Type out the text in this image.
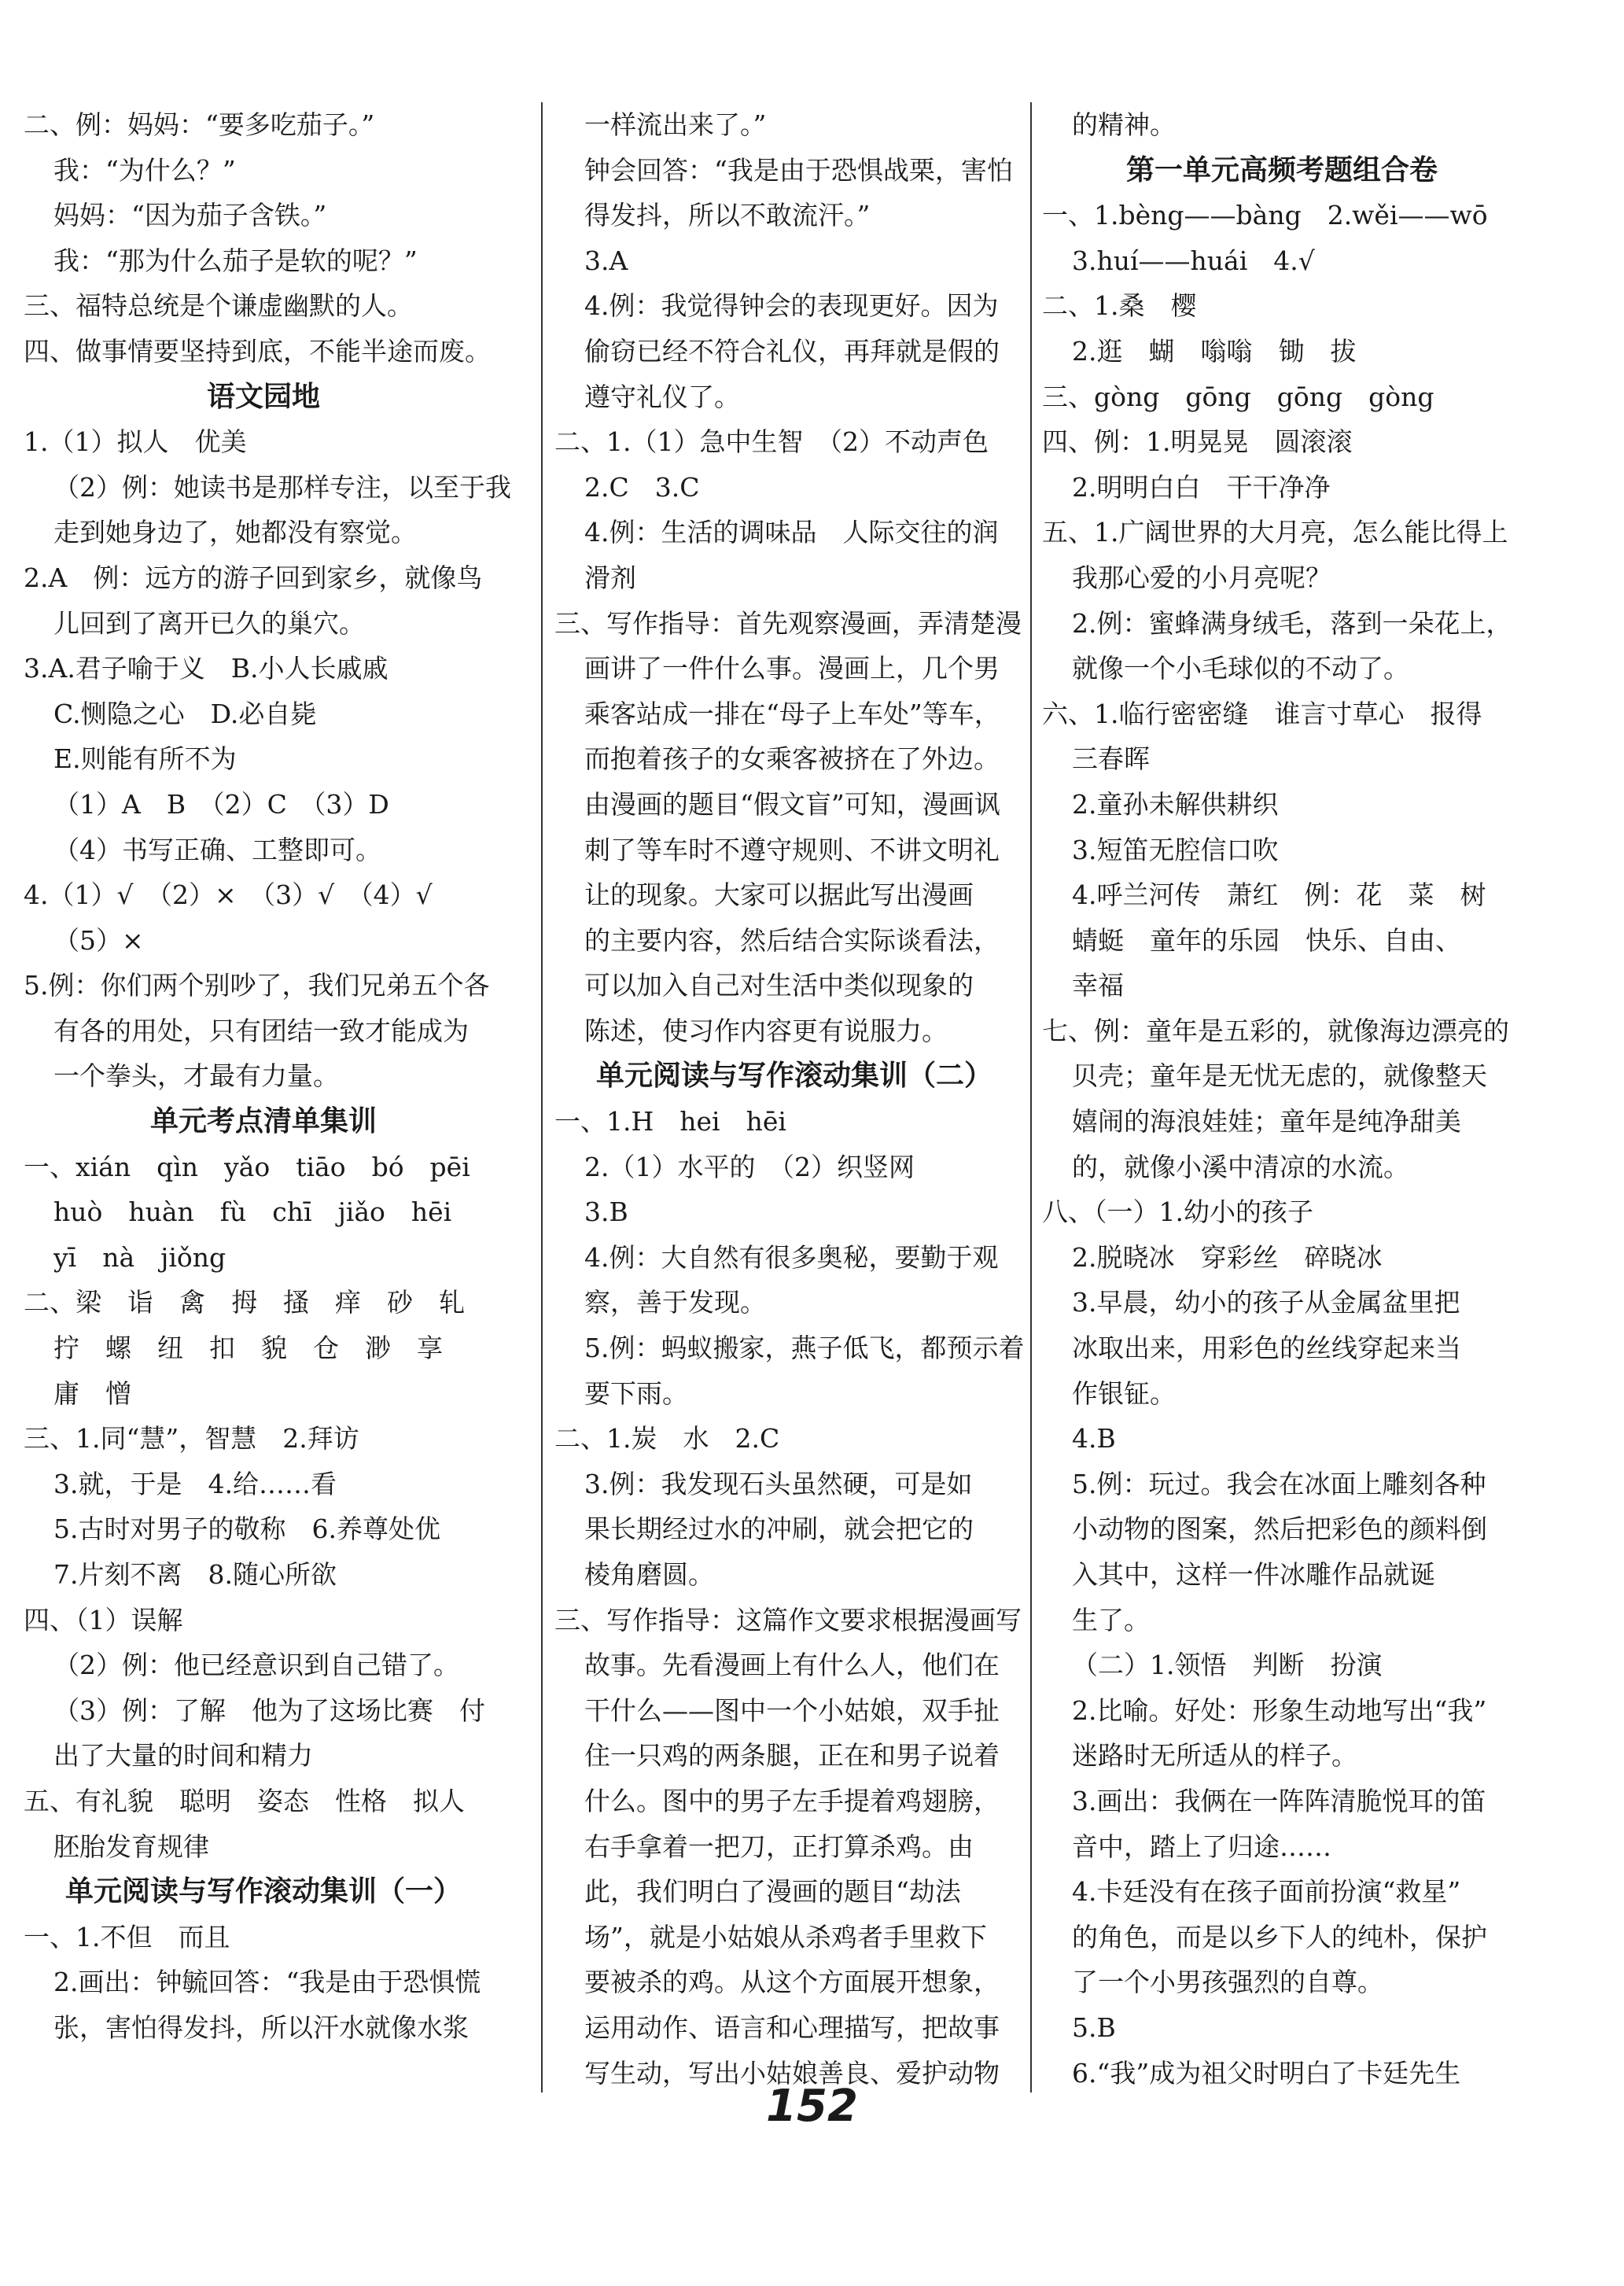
二、例：妈妈：“要多吃茄子。”
我：“为什么？”
妈妈：“因为茄子含铁。”
我：“那为什么茄子是软的呢？”
三、福特总统是个谦虚幽默的人。
四、做事情要坚持到底，不能半途而废。
语文园地
1.（1）拟人　优美
（2）例：她读书是那样专注，以至于我
走到她身边了，她都没有察觉。
2.A　例：远方的游子回到家乡，就像鸟
儿回到了离开已久的巢穴。
3.A.君子喻于义　B.小人长戚戚
C.恻隐之心　D.必自毙
E.则能有所不为
（1）A　B　（2）C　（3）D
（4）书写正确、工整即可。
4.（1）√　（2）×　（3）√　（4）√
（5）×
5.例：你们两个别吵了，我们兄弟五个各
有各的用处，只有团结一致才能成为
一个拳头，才最有力量。
单元考点清单集训
一、xián　qìn　yǎo　tiāo　bó　pēi
huò　huàn　fù　chī　jiǎo　hēi
yī　nà　jiǒng
二、梁　诣　禽　拇　搔　痒　砂　轧
拧　螺　纽　扣　貌　仓　渺　享
庸　憎
三、1.同“慧”，智慧　2.拜访
3.就，于是　4.给……看
5.古时对男子的敬称　6.养尊处优
7.片刻不离　8.随心所欲
四、（1）误解
（2）例：他已经意识到自己错了。
（3）例：了解　他为了这场比赛　付
出了大量的时间和精力
五、有礼貌　聪明　姿态　性格　拟人
胚胎发育规律
单元阅读与写作滚动集训（一）
一、1.不但　而且
2.画出：钟毓回答：“我是由于恐惧慌
张，害怕得发抖，所以汗水就像水浆
一样流出来了。”
钟会回答：“我是由于恐惧战栗，害怕
得发抖，所以不敢流汗。”
3.A
4.例：我觉得钟会的表现更好。因为
偷窃已经不符合礼仪，再拜就是假的
遵守礼仪了。
二、1.（1）急中生智　（2）不动声色
2.C　3.C
4.例：生活的调味品　人际交往的润
滑剂
三、写作指导：首先观察漫画，弄清楚漫
画讲了一件什么事。漫画上，几个男
乘客站成一排在“母子上车处”等车，
而抱着孩子的女乘客被挤在了外边。
由漫画的题目“假文盲”可知，漫画讽
刺了等车时不遵守规则、不讲文明礼
让的现象。大家可以据此写出漫画
的主要内容，然后结合实际谈看法，
可以加入自己对生活中类似现象的
陈述，使习作内容更有说服力。
单元阅读与写作滚动集训（二）
一、1.H　hei　hēi
2.（1）水平的　（2）织竖网
3.B
4.例：大自然有很多奥秘，要勤于观
察，善于发现。
5.例：蚂蚁搬家，燕子低飞，都预示着
要下雨。
二、1.炭　水　2.C
3.例：我发现石头虽然硬，可是如
果长期经过水的冲刷，就会把它的
棱角磨圆。
三、写作指导：这篇作文要求根据漫画写
故事。先看漫画上有什么人，他们在
干什么——图中一个小姑娘，双手扯
住一只鸡的两条腿，正在和男子说着
什么。图中的男子左手提着鸡翅膀，
右手拿着一把刀，正打算杀鸡。由
此，我们明白了漫画的题目“劫法
场”，就是小姑娘从杀鸡者手里救下
要被杀的鸡。从这个方面展开想象，
运用动作、语言和心理描写，把故事
写生动，写出小姑娘善良、爱护动物
的精神。
第一单元高频考题组合卷
一、1.bèng——bàng　2.wěi——wō
3.huí——huái　4.√
二、1.桑　樱
2.逛　蝴　嗡嗡　锄　拔
三、gòng　gōng　gōng　gòng
四、例：1.明晃晃　圆滚滚
2.明明白白　干干净净
五、1.广阔世界的大月亮，怎么能比得上
我那心爱的小月亮呢？
2.例：蜜蜂满身绒毛，落到一朵花上，
就像一个小毛球似的不动了。
六、1.临行密密缝　谁言寸草心　报得
三春晖
2.童孙未解供耕织
3.短笛无腔信口吹
4.呼兰河传　萧红　例：花　菜　树
蜻蜓　童年的乐园　快乐、自由、
幸福
七、例：童年是五彩的，就像海边漂亮的
贝壳；童年是无忧无虑的，就像整天
嬉闹的海浪娃娃；童年是纯净甜美
的，就像小溪中清凉的水流。
八、（一）1.幼小的孩子
2.脱晓冰　穿彩丝　碎晓冰
3.早晨，幼小的孩子从金属盆里把
冰取出来，用彩色的丝线穿起来当
作银钲。
4.B
5.例：玩过。我会在冰面上雕刻各种
小动物的图案，然后把彩色的颜料倒
入其中，这样一件冰雕作品就诞
生了。
（二）1.领悟　判断　扮演
2.比喻。好处：形象生动地写出“我”
迷路时无所适从的样子。
3.画出：我俩在一阵阵清脆悦耳的笛
音中，踏上了归途……
4.卡廷没有在孩子面前扮演“救星”
的角色，而是以乡下人的纯朴，保护
了一个小男孩强烈的自尊。
5.B
6.“我”成为祖父时明白了卡廷先生
152
